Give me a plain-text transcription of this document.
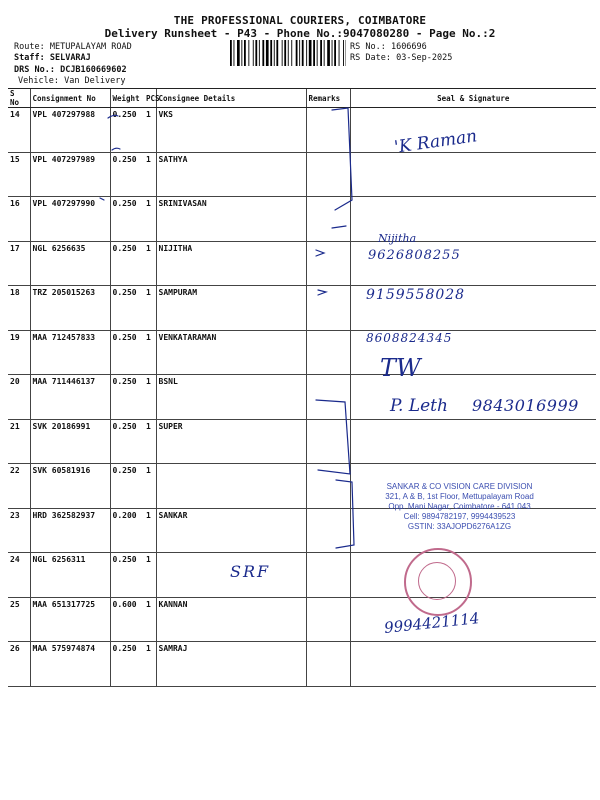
THE PROFESSIONAL COURIERS, COIMBATORE
Delivery Runsheet - P43 - Phone No.:9047080280 - Page No.:2
Route: METUPALAYAM ROAD
Staff: SELVARAJ
DRS No.: DCJB160669602
Vehicle: Van Delivery
RS No.: 1606696
RS Date: 03-Sep-2025
S No	Consignment No	Weight	PCS	Consignee Details	Remarks	Seal & Signature
14	VPL 407297988	0.250	1	VKS		
15	VPL 407297989	0.250	1	SATHYA		
16	VPL 407297990	0.250	1	SRINIVASAN		
17	NGL 6256635	0.250	1	NIJITHA		
18	TRZ 205015263	0.250	1	SAMPURAM		
19	MAA 712457833	0.250	1	VENKATARAMAN		
20	MAA 711446137	0.250	1	BSNL		
21	SVK 20186991	0.250	1	SUPER		
22	SVK 60581916	0.250	1			
23	HRD 362582937	0.200	1	SANKAR		
24	NGL 6256311	0.250	1			
25	MAA 651317725	0.600	1	KANNAN		
26	MAA 575974874	0.250	1	SAMRAJ		
'K Raman
Nijitha
9626808255
9159558028
8608824345
TW
P. Leth 9843016999
SRF
9994421114
SANKAR & CO VISION CARE DIVISION
321, A & B, 1st Floor, Mettupalayam Road
Opp. Mani Nagar, Coimbatore - 641 043
Cell: 9894782197, 9994439523
GSTIN: 33AJOPD6276A1ZG
